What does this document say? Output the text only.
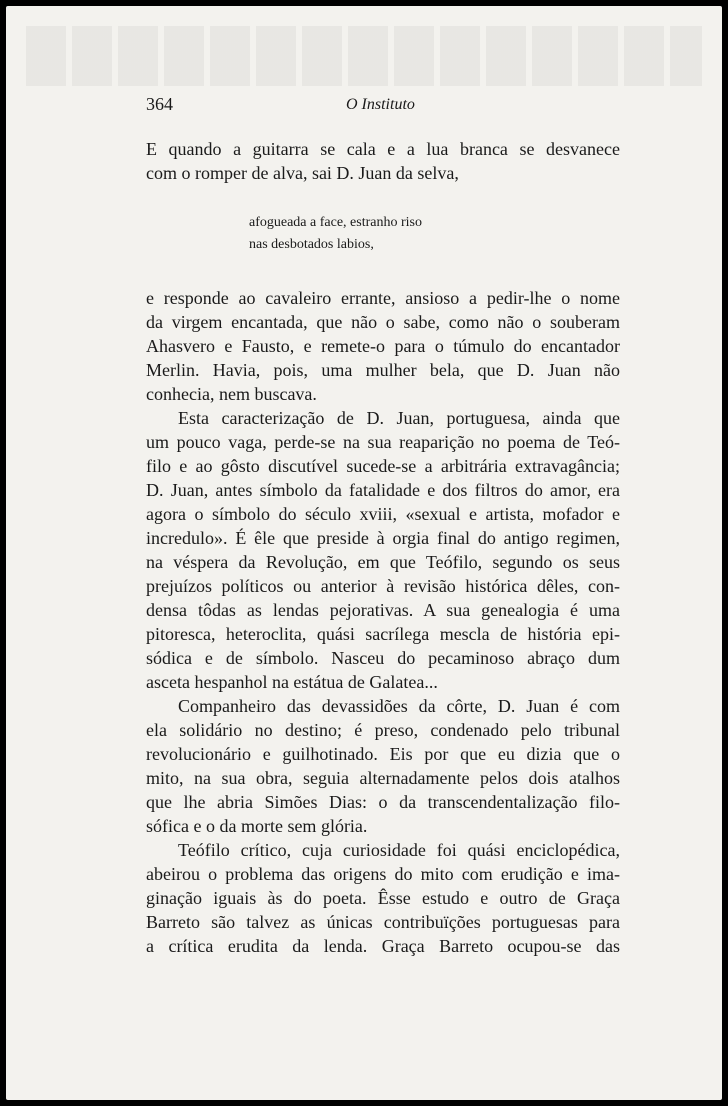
364	O Instituto
E quando a guitarra se cala e a lua branca se desvanece
com o romper de alva, sai D. Juan da selva,
afogueada a face, estranho riso
nas desbotados labios,
e responde ao cavaleiro errante, ansioso a pedir-lhe o nome
da virgem encantada, que não o sabe, como não o souberam
Ahasvero e Fausto, e remete-o para o túmulo do encantador
Merlin. Havia, pois, uma mulher bela, que D. Juan não
conhecia, nem buscava.
Esta caracterização de D. Juan, portuguesa, ainda que
um pouco vaga, perde-se na sua reaparição no poema de Teó-
filo e ao gôsto discutível sucede-se a arbitrária extravagância;
D. Juan, antes símbolo da fatalidade e dos filtros do amor, era
agora o símbolo do século xviii, «sexual e artista, mofador e
incredulo». É êle que preside à orgia final do antigo regimen,
na véspera da Revolução, em que Teófilo, segundo os seus
prejuízos políticos ou anterior à revisão histórica dêles, con-
densa tôdas as lendas pejorativas. A sua genealogia é uma
pitoresca, heteroclita, quási sacrílega mescla de história epi-
sódica e de símbolo. Nasceu do pecaminoso abraço dum
asceta hespanhol na estátua de Galatea...
Companheiro das devassidões da côrte, D. Juan é com
ela solidário no destino; é preso, condenado pelo tribunal
revolucionário e guilhotinado. Eis por que eu dizia que o
mito, na sua obra, seguia alternadamente pelos dois atalhos
que lhe abria Simões Dias: o da transcendentalização filo-
sófica e o da morte sem glória.
Teófilo crítico, cuja curiosidade foi quási enciclopédica,
abeirou o problema das origens do mito com erudição e ima-
ginação iguais às do poeta. Êsse estudo e outro de Graça
Barreto são talvez as únicas contribuïções portuguesas para
a crítica erudita da lenda. Graça Barreto ocupou-se das
